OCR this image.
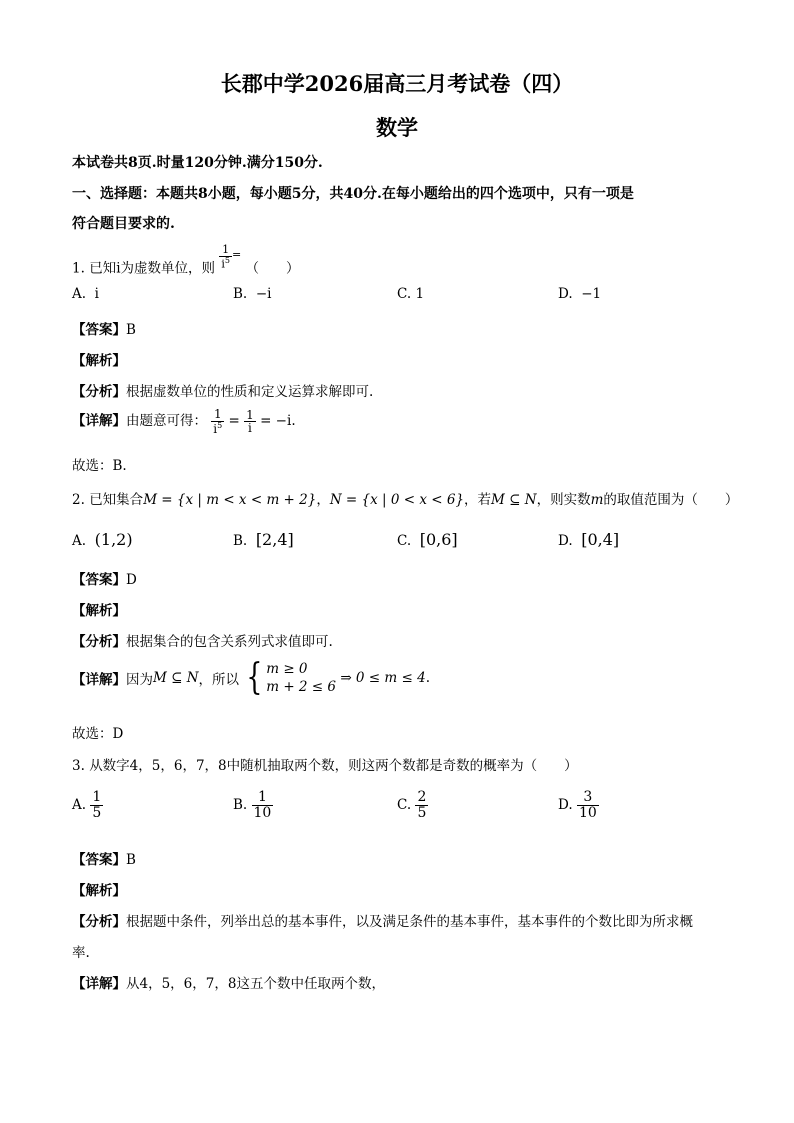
长郡中学2026届高三月考试卷（四）
数学
本试卷共8页.时量120分钟.满分150分.
一、选择题：本题共8小题，每小题5分，共40分.在每小题给出的四个选项中，只有一项是
符合题目要求的.
1. 已知i为虚数单位，则 $\frac{1}{i^5} ^=$ （　　）
A. i	B. −i	C. 1	D. −1
【答案】B
【解析】
【分析】根据虚数单位的性质和定义运算求解即可.
【详解】由题意可得： $\frac{1}{i^5} = \frac{1}{i} = -i$.
故选：B.
2. 已知集合M = {x | m < x < m + 2}，N = {x | 0 < x < 6}，若M ⊆ N，则实数m的取值范围为（　　）
A. (1,2)	B. [2,4]	C. [0,6]	D. [0,4]
【答案】D
【解析】
【分析】根据集合的包含关系列式求值即可.
【详解】因为M ⊆ N，所以 { m ≥ 0
m + 2 ≤ 6
⇒ 0 ≤ m ≤ 4.
故选：D
3. 从数字4，5，6，7，8中随机抽取两个数，则这两个数都是奇数的概率为（　　）
A. $\frac{1}{5}$	B. $\frac{1}{10}$	C. $\frac{2}{5}$	D. $\frac{3}{10}$
【答案】B
【解析】
【分析】根据题中条件，列举出总的基本事件，以及满足条件的基本事件，基本事件的个数比即为所求概
率.
【详解】从4，5，6，7，8这五个数中任取两个数，
